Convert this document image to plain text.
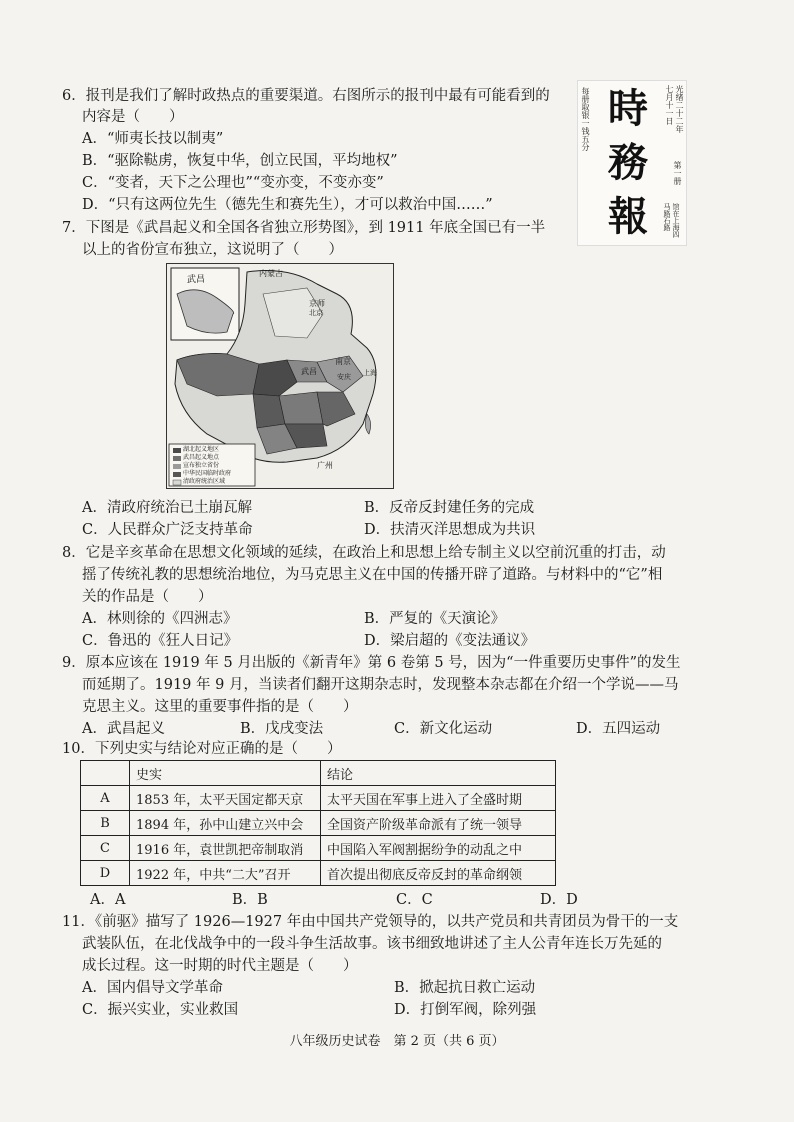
6．报刊是我们了解时政热点的重要渠道。右图所示的报刊中最有可能看到的
内容是（　　）
A．“师夷长技以制夷”
B．“驱除鞑虏，恢复中华，创立民国，平均地权”
C．“变者，天下之公理也”“变亦变，不变亦变”
D．“只有这两位先生（德先生和赛先生），才可以救治中国……”
時
務
報
光绪二十二年
七月十一日
第一册
馆在上海四马路石路
每册取银一钱五分
7．下图是《武昌起义和全国各省独立形势图》，到 1911 年底全国已有一半
以上的省份宣布独立，这说明了（　　）
武昌
内蒙古
京师
北京
南京
武昌	上海
安庆
广州
湖北起义地区
武昌起义地点
宣布独立省份
中华民国临时政府
清政府统治区域
A．清政府统治已土崩瓦解	B．反帝反封建任务的完成
C．人民群众广泛支持革命	D．扶清灭洋思想成为共识
8．它是辛亥革命在思想文化领域的延续，在政治上和思想上给专制主义以空前沉重的打击，动
摇了传统礼教的思想统治地位，为马克思主义在中国的传播开辟了道路。与材料中的“它”相
关的作品是（　　）
A．林则徐的《四洲志》	B．严复的《天演论》
C．鲁迅的《狂人日记》	D．梁启超的《变法通议》
9．原本应该在 1919 年 5 月出版的《新青年》第 6 卷第 5 号，因为“一件重要历史事件”的发生
而延期了。1919 年 9 月，当读者们翻开这期杂志时，发现整本杂志都在介绍一个学说——马
克思主义。这里的重要事件指的是（　　）
A．武昌起义	B．戊戌变法	C．新文化运动	D．五四运动
10．下列史实与结论对应正确的是（　　）
	史实	结论
A	1853 年，太平天国定都天京	太平天国在军事上进入了全盛时期
B	1894 年，孙中山建立兴中会	全国资产阶级革命派有了统一领导
C	1916 年，袁世凯把帝制取消	中国陷入军阀割据纷争的动乱之中
D	1922 年，中共“二大”召开	首次提出彻底反帝反封的革命纲领
A．A	B．B	C．C	D．D
11．《前驱》描写了 1926—1927 年由中国共产党领导的，以共产党员和共青团员为骨干的一支
武装队伍，在北伐战争中的一段斗争生活故事。该书细致地讲述了主人公青年连长万先延的
成长过程。这一时期的时代主题是（　　）
A．国内倡导文学革命	B．掀起抗日救亡运动
C．振兴实业，实业救国	D．打倒军阀，除列强
八年级历史试卷　第 2 页（共 6 页）
